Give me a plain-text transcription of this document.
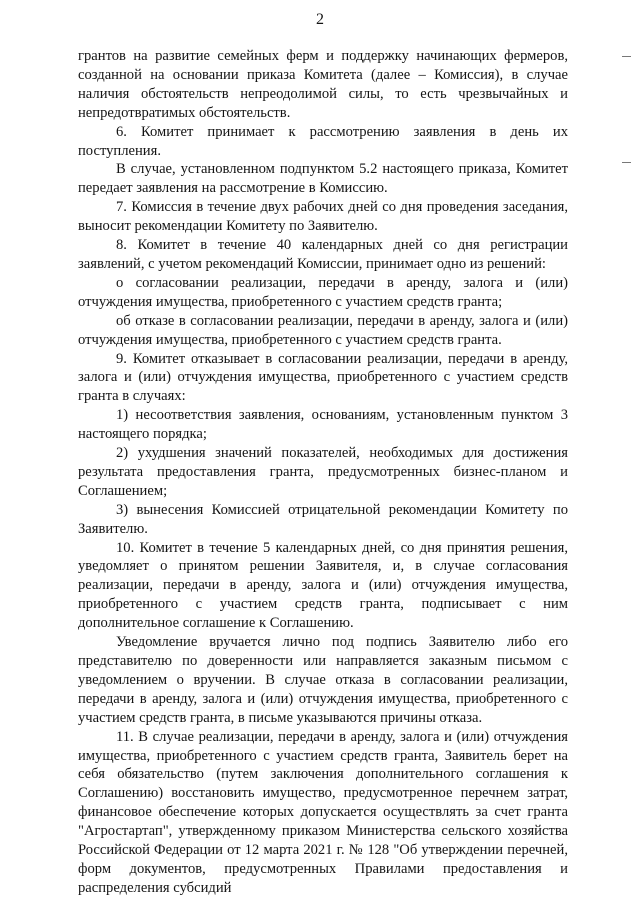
2

грантов на развитие семейных ферм и поддержку начинающих фермеров, созданной на основании приказа Комитета (далее – Комиссия), в случае наличия обстоятельств непреодолимой силы, то есть чрезвычайных и непредотвратимых обстоятельств.

6. Комитет принимает к рассмотрению заявления в день их поступления.

В случае, установленном подпунктом 5.2 настоящего приказа, Комитет передает заявления на рассмотрение в Комиссию.

7. Комиссия в течение двух рабочих дней со дня проведения заседания, выносит рекомендации Комитету по Заявителю.

8. Комитет в течение 40 календарных дней со дня регистрации заявлений, с учетом рекомендаций Комиссии, принимает одно из решений:

о согласовании реализации, передачи в аренду, залога и (или) отчуждения имущества, приобретенного с участием средств гранта;

об отказе в согласовании реализации, передачи в аренду, залога и (или) отчуждения имущества, приобретенного с участием средств гранта.

9. Комитет отказывает в согласовании реализации, передачи в аренду, залога и (или) отчуждения имущества, приобретенного с участием средств гранта в случаях:

1) несоответствия заявления, основаниям, установленным пунктом 3 настоящего порядка;

2) ухудшения значений показателей, необходимых для достижения результата предоставления гранта, предусмотренных бизнес-планом и Соглашением;

3) вынесения Комиссией отрицательной рекомендации Комитету по Заявителю.

10. Комитет в течение 5 календарных дней, со дня принятия решения, уведомляет о принятом решении Заявителя, и, в случае согласования реализации, передачи в аренду, залога и (или) отчуждения имущества, приобретенного с участием средств гранта, подписывает с ним дополнительное соглашение к Соглашению.

Уведомление вручается лично под подпись Заявителю либо его представителю по доверенности или направляется заказным письмом с уведомлением о вручении. В случае отказа в согласовании реализации, передачи в аренду, залога и (или) отчуждения имущества, приобретенного с участием средств гранта, в письме указываются причины отказа.

11. В случае реализации, передачи в аренду, залога и (или) отчуждения имущества, приобретенного с участием средств гранта, Заявитель берет на себя обязательство (путем заключения дополнительного соглашения к Соглашению) восстановить имущество, предусмотренное перечнем затрат, финансовое обеспечение которых допускается осуществлять за счет гранта "Агростартап", утвержденному приказом Министерства сельского хозяйства Российской Федерации от 12 марта 2021 г. № 128 "Об утверждении перечней, форм документов, предусмотренных Правилами предоставления и распределения субсидий
